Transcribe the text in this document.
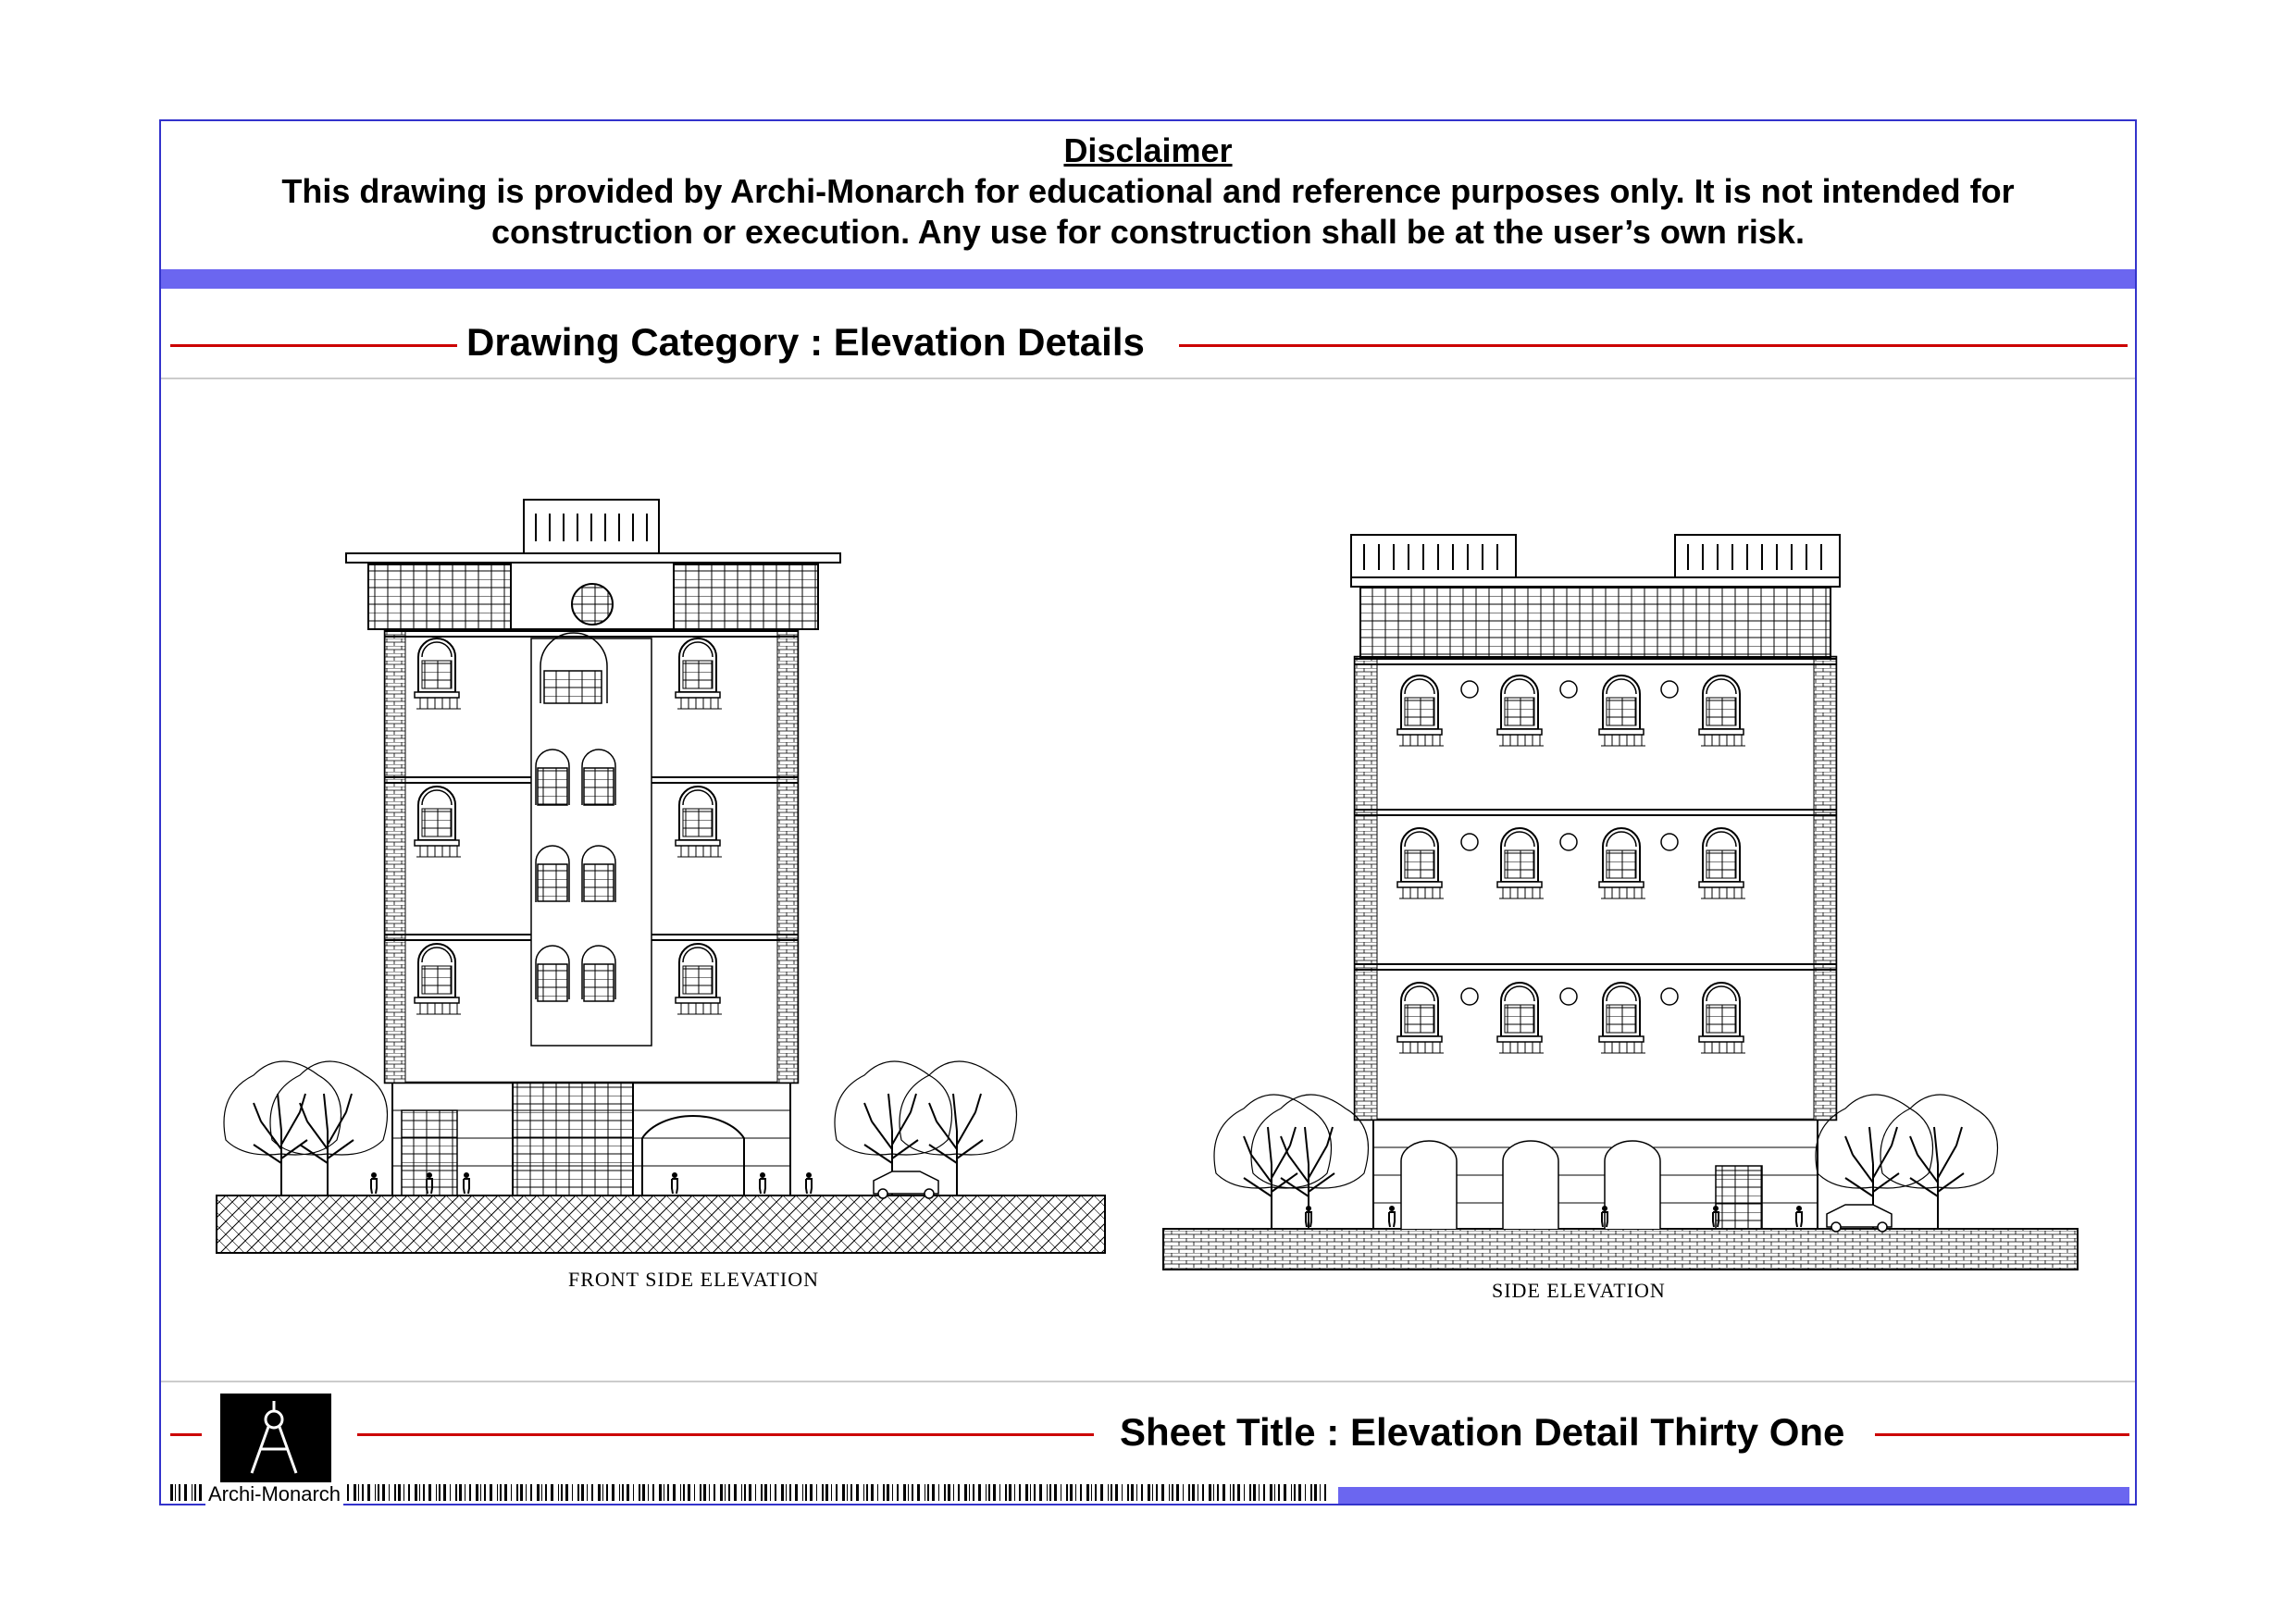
Disclaimer
This drawing is provided by Archi-Monarch for educational and reference purposes only. It is not intended for
construction or execution. Any use for construction shall be at the user’s own risk.
Drawing Category : Elevation Details
FRONT SIDE ELEVATION	SIDE ELEVATION
Sheet Title : Elevation Detail Thirty One
Archi-Monarch
